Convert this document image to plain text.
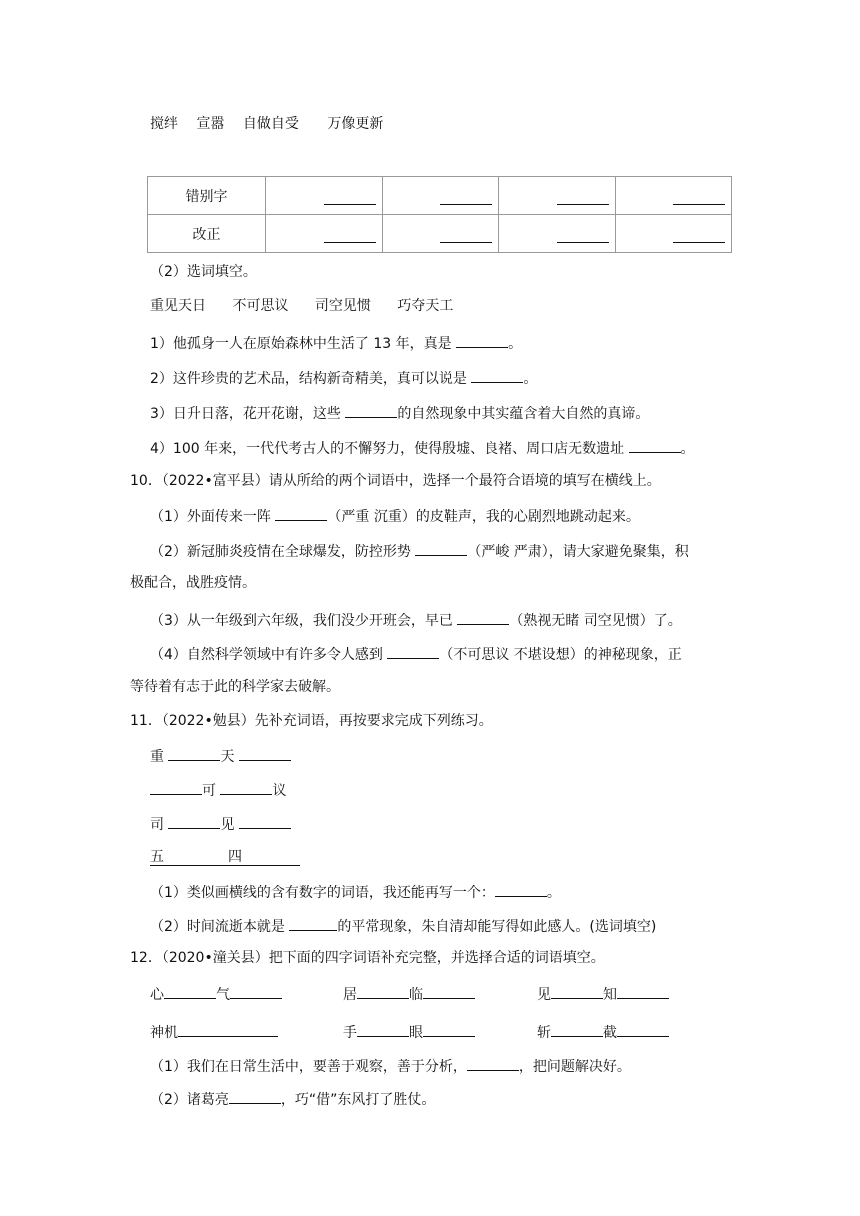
搅绊 宣嚣 自做自受 万像更新
错别字	

改正	

（2）选词填空。
重见天日 不可思议 司空见惯 巧夺天工
1）他孤身一人在原始森林中生活了 13 年，真是	。
2）这件珍贵的艺术品，结构新奇精美，真可以说是	。
3）日升日落，花开花谢，这些	的自然现象中其实蕴含着大自然的真谛。
4）100 年来，一代代考古人的不懈努力，使得殷墟、良褚、周口店无数遗址	。
10．（2022•富平县）请从所给的两个词语中，选择一个最符合语境的填写在横线上。
（1）外面传来一阵	（严重 沉重）的皮鞋声，我的心剧烈地跳动起来。
（2）新冠肺炎疫情在全球爆发，防控形势	（严峻 严肃），请大家避免聚集，积
极配合，战胜疫情。
（3）从一年级到六年级，我们没少开班会，早已	（熟视无睹 司空见惯）了。
（4）自然科学领域中有许多令人感到	（不可思议 不堪设想）的神秘现象，正
等待着有志于此的科学家去破解。
11．（2022•勉县）先补充词语，再按要求完成下列练习。
重	天
可	议
司	见
五	四
（1）类似画横线的含有数字的词语，我还能再写一个：	。
（2）时间流逝本就是	的平常现象，朱自清却能写得如此感人。(选词填空)
12．（2020•潼关县）把下面的四字词语补充完整，并选择合适的词语填空。
心	气	居	临	见	知
神机	手	眼	斩	截
（1）我们在日常生活中，要善于观察，善于分析，	，把问题解决好。
（2）诸葛亮	，巧“借”东风打了胜仗。
